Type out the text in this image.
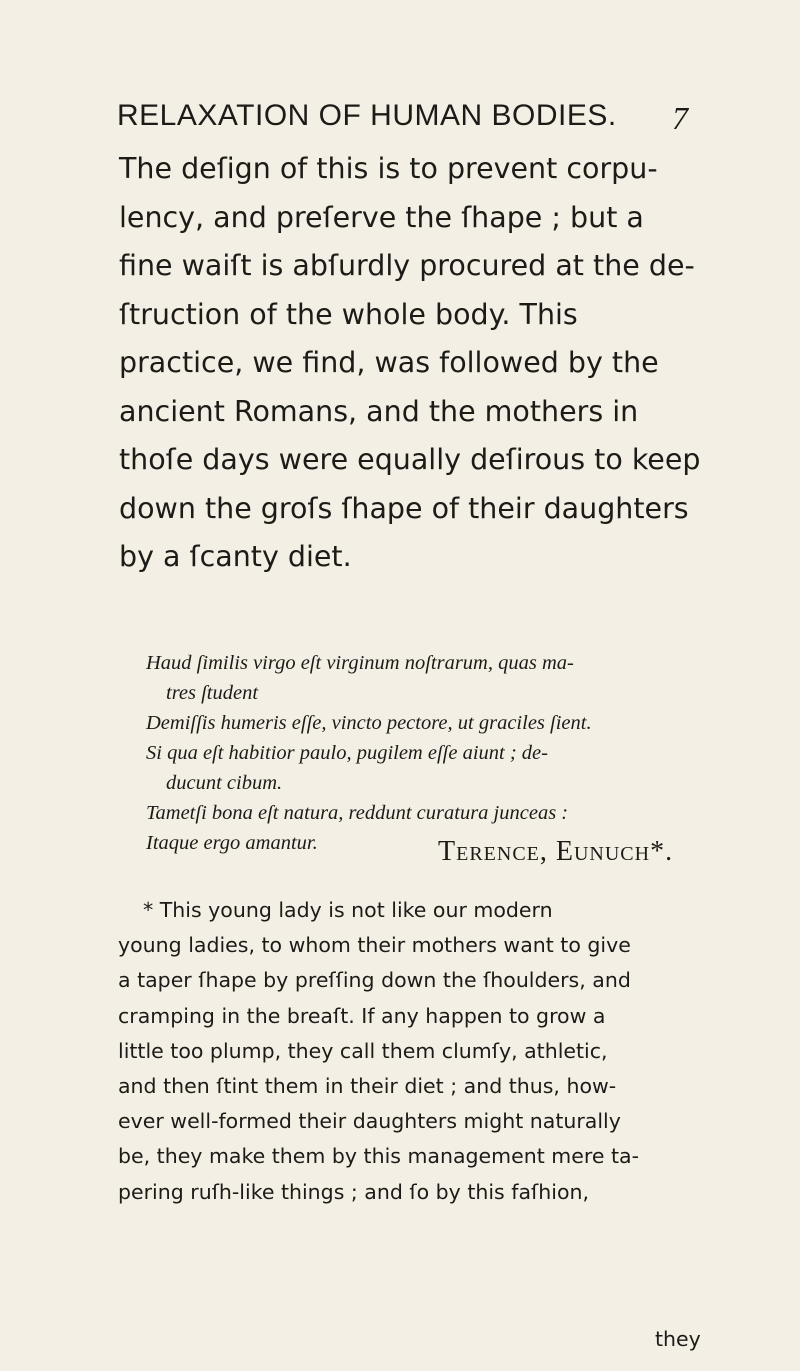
RELAXATION OF HUMAN BODIES. 7
The deſign of this is to prevent corpu-
lency, and preſerve the ſhape ; but a
fine waiſt is abſurdly procured at the de-
ſtruction of the whole body. This
practice, we find, was followed by the
ancient Romans, and the mothers in
thoſe days were equally deſirous to keep
down the groſs ſhape of their daughters
by a ſcanty diet.
Haud ſimilis virgo eſt virginum noſtrarum, quas ma-
tres ſtudent
Demiſſis humeris eſſe, vincto pectore, ut graciles ſient.
Si qua eſt habitior paulo, pugilem eſſe aiunt ; de-
ducunt cibum.
Tametſi bona eſt natura, reddunt curatura junceas :
Itaque ergo amantur.	Terence, Eunuch*.
* This young lady is not like our modern
young ladies, to whom their mothers want to give
a taper ſhape by preſſing down the ſhoulders, and
cramping in the breaſt. If any happen to grow a
little too plump, they call them clumſy, athletic,
and then ſtint them in their diet ; and thus, how-
ever well-formed their daughters might naturally
be, they make them by this management mere ta-
pering ruſh-like things ; and ſo by this faſhion,
they
